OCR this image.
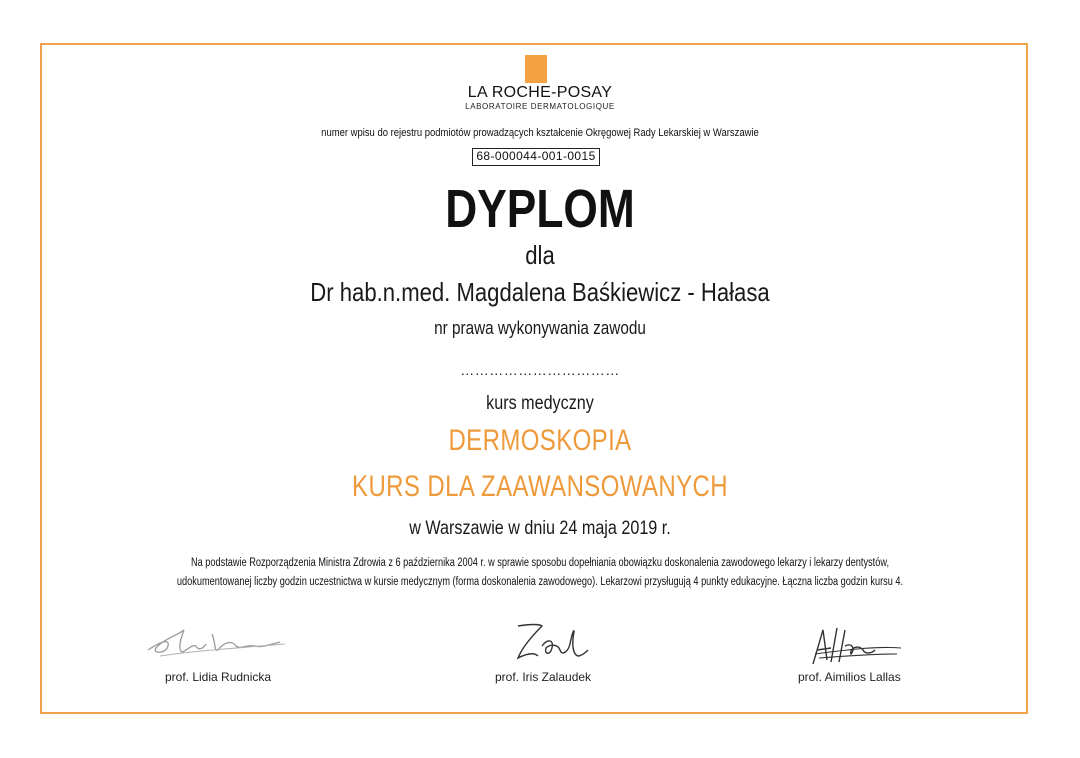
LA ROCHE-POSAY
LABORATOIRE DERMATOLOGIQUE
numer wpisu do rejestru podmiotów prowadzących kształcenie Okręgowej Rady Lekarskiej w Warszawie
68-000044-001-0015
DYPLOM
dla
Dr hab.n.med. Magdalena Baśkiewicz - Hałasa
nr prawa wykonywania zawodu
……………………………
kurs medyczny
DERMOSKOPIA
KURS DLA ZAAWANSOWANYCH
w Warszawie w dniu 24 maja 2019 r.
Na podstawie Rozporządzenia Ministra Zdrowia z 6 października 2004 r. w sprawie sposobu dopełniania obowiązku doskonalenia zawodowego lekarzy i lekarzy dentystów,
udokumentowanej liczby godzin uczestnictwa w kursie medycznym (forma doskonalenia zawodowego). Lekarzowi przysługują 4 punkty edukacyjne. Łączna liczba godzin kursu 4.
prof. Lidia Rudnicka	prof. Iris Zalaudek	prof. Aimilios Lallas
